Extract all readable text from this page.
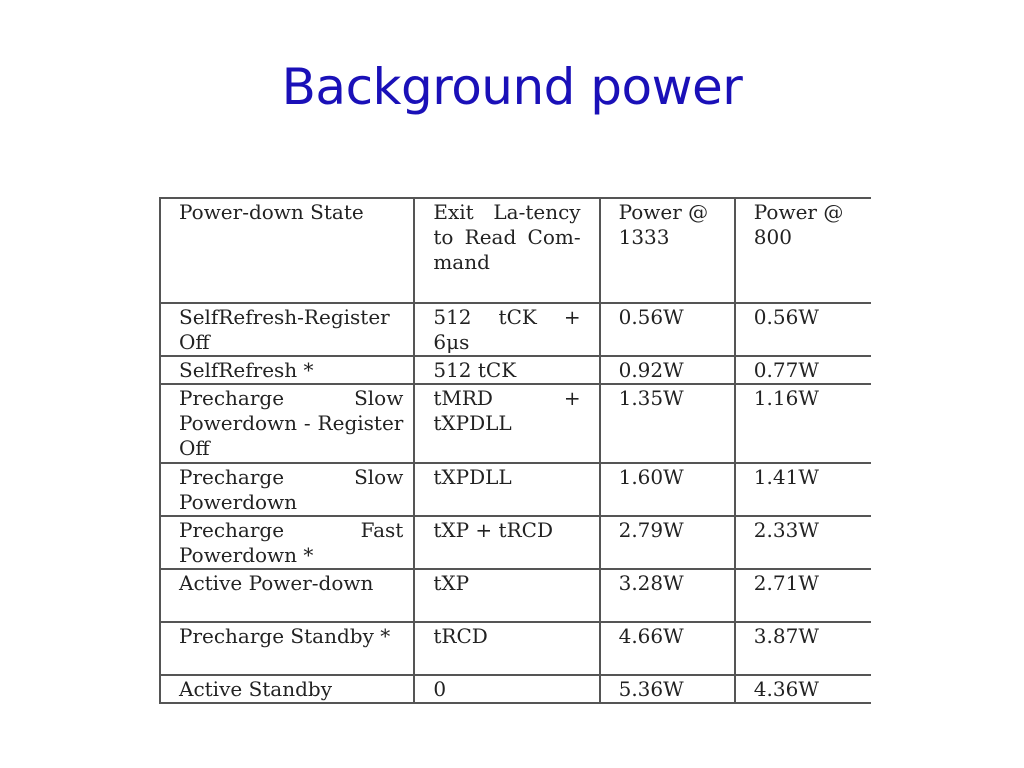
Background power
Power-down State	Exit La-tency to Read Com-mand	Power @ 1333	Power @ 800
SelfRefresh-Register Off	512 tCK + 6μs	0.56W	0.56W
SelfRefresh *	512 tCK	0.92W	0.77W
Precharge Slow Powerdown - Register Off	tMRD + tXPDLL	1.35W	1.16W
Precharge Slow Powerdown	tXPDLL	1.60W	1.41W
Precharge Fast Powerdown *	tXP + tRCD	2.79W	2.33W
Active Power-down	tXP	3.28W	2.71W
Precharge Standby *	tRCD	4.66W	3.87W
Active Standby	0	5.36W	4.36W
